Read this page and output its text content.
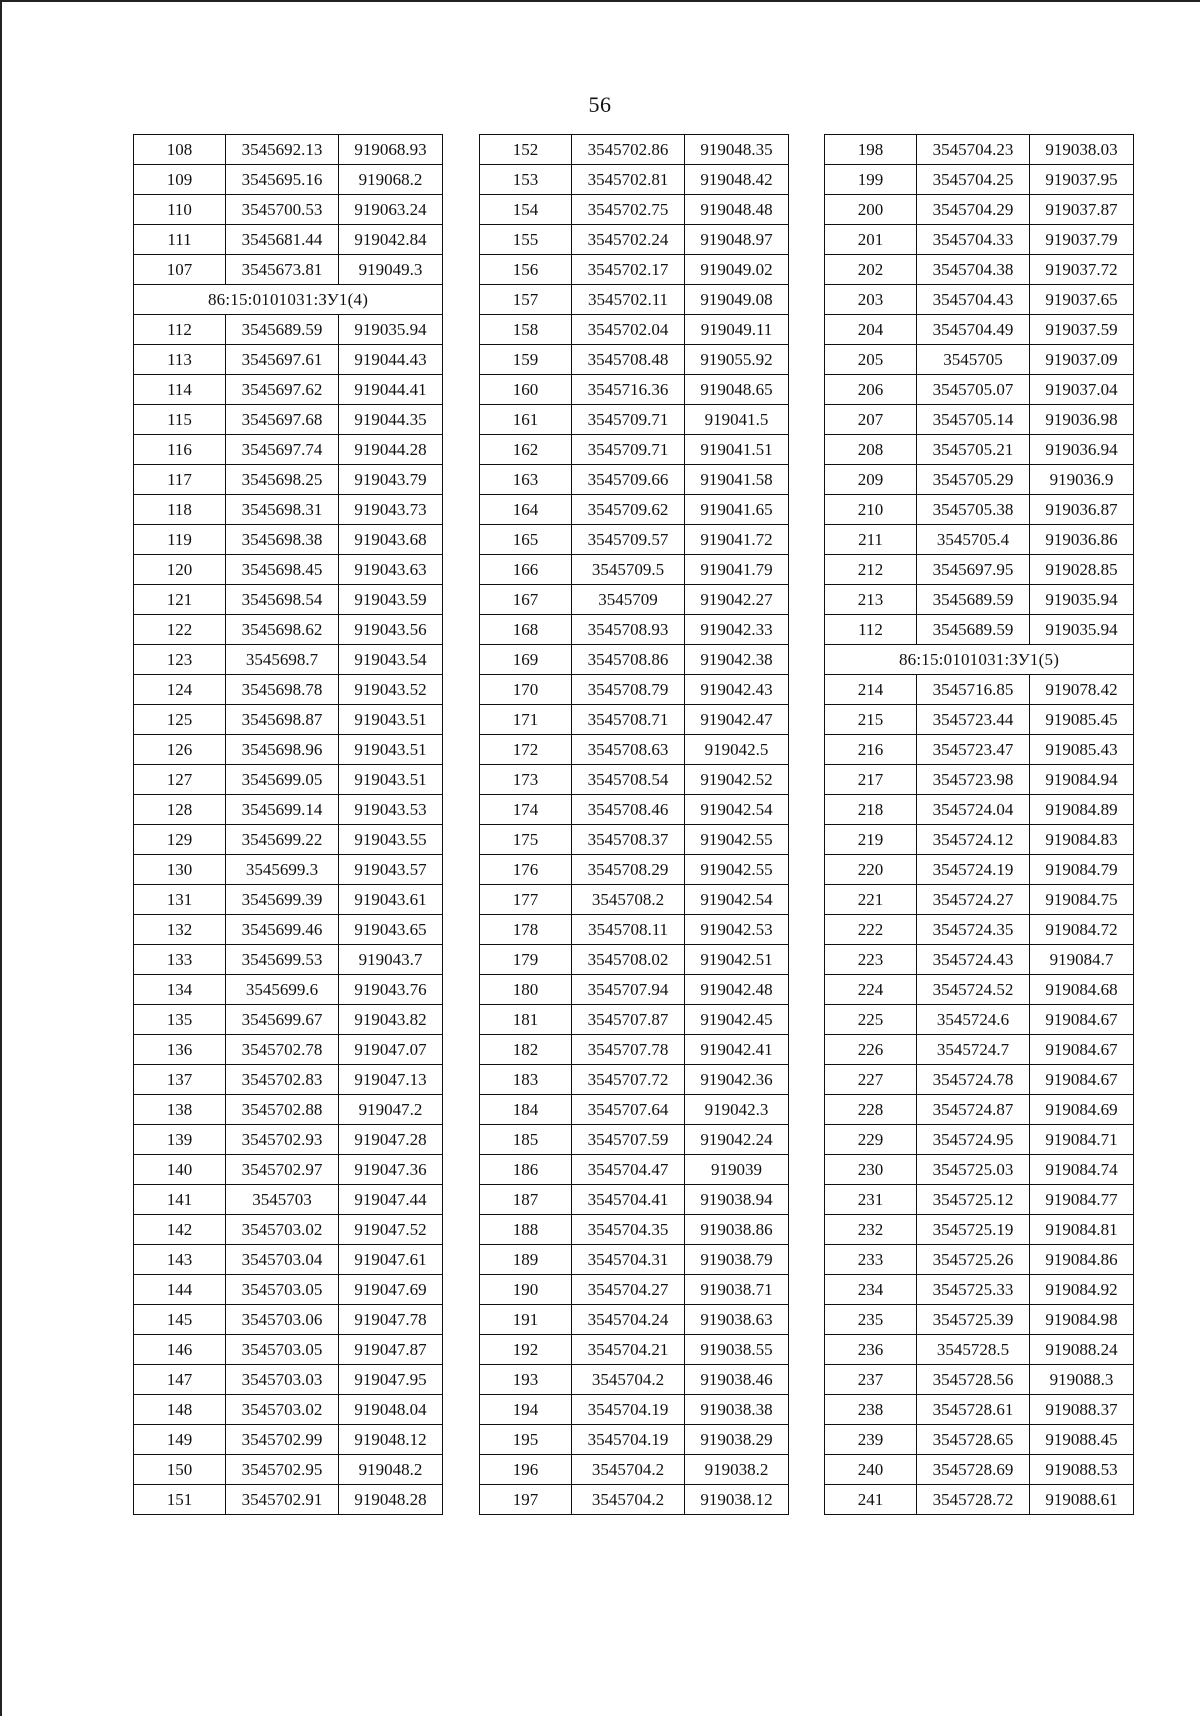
56
108	3545692.13	919068.93
109	3545695.16	919068.2
110	3545700.53	919063.24
111	3545681.44	919042.84
107	3545673.81	919049.3
86:15:0101031:ЗУ1(4)		
112	3545689.59	919035.94
113	3545697.61	919044.43
114	3545697.62	919044.41
115	3545697.68	919044.35
116	3545697.74	919044.28
117	3545698.25	919043.79
118	3545698.31	919043.73
119	3545698.38	919043.68
120	3545698.45	919043.63
121	3545698.54	919043.59
122	3545698.62	919043.56
123	3545698.7	919043.54
124	3545698.78	919043.52
125	3545698.87	919043.51
126	3545698.96	919043.51
127	3545699.05	919043.51
128	3545699.14	919043.53
129	3545699.22	919043.55
130	3545699.3	919043.57
131	3545699.39	919043.61
132	3545699.46	919043.65
133	3545699.53	919043.7
134	3545699.6	919043.76
135	3545699.67	919043.82
136	3545702.78	919047.07
137	3545702.83	919047.13
138	3545702.88	919047.2
139	3545702.93	919047.28
140	3545702.97	919047.36
141	3545703	919047.44
142	3545703.02	919047.52
143	3545703.04	919047.61
144	3545703.05	919047.69
145	3545703.06	919047.78
146	3545703.05	919047.87
147	3545703.03	919047.95
148	3545703.02	919048.04
149	3545702.99	919048.12
150	3545702.95	919048.2
151	3545702.91	919048.28
152	3545702.86	919048.35
153	3545702.81	919048.42
154	3545702.75	919048.48
155	3545702.24	919048.97
156	3545702.17	919049.02
157	3545702.11	919049.08
158	3545702.04	919049.11
159	3545708.48	919055.92
160	3545716.36	919048.65
161	3545709.71	919041.5
162	3545709.71	919041.51
163	3545709.66	919041.58
164	3545709.62	919041.65
165	3545709.57	919041.72
166	3545709.5	919041.79
167	3545709	919042.27
168	3545708.93	919042.33
169	3545708.86	919042.38
170	3545708.79	919042.43
171	3545708.71	919042.47
172	3545708.63	919042.5
173	3545708.54	919042.52
174	3545708.46	919042.54
175	3545708.37	919042.55
176	3545708.29	919042.55
177	3545708.2	919042.54
178	3545708.11	919042.53
179	3545708.02	919042.51
180	3545707.94	919042.48
181	3545707.87	919042.45
182	3545707.78	919042.41
183	3545707.72	919042.36
184	3545707.64	919042.3
185	3545707.59	919042.24
186	3545704.47	919039
187	3545704.41	919038.94
188	3545704.35	919038.86
189	3545704.31	919038.79
190	3545704.27	919038.71
191	3545704.24	919038.63
192	3545704.21	919038.55
193	3545704.2	919038.46
194	3545704.19	919038.38
195	3545704.19	919038.29
196	3545704.2	919038.2
197	3545704.2	919038.12
198	3545704.23	919038.03
199	3545704.25	919037.95
200	3545704.29	919037.87
201	3545704.33	919037.79
202	3545704.38	919037.72
203	3545704.43	919037.65
204	3545704.49	919037.59
205	3545705	919037.09
206	3545705.07	919037.04
207	3545705.14	919036.98
208	3545705.21	919036.94
209	3545705.29	919036.9
210	3545705.38	919036.87
211	3545705.4	919036.86
212	3545697.95	919028.85
213	3545689.59	919035.94
112	3545689.59	919035.94
86:15:0101031:ЗУ1(5)		
214	3545716.85	919078.42
215	3545723.44	919085.45
216	3545723.47	919085.43
217	3545723.98	919084.94
218	3545724.04	919084.89
219	3545724.12	919084.83
220	3545724.19	919084.79
221	3545724.27	919084.75
222	3545724.35	919084.72
223	3545724.43	919084.7
224	3545724.52	919084.68
225	3545724.6	919084.67
226	3545724.7	919084.67
227	3545724.78	919084.67
228	3545724.87	919084.69
229	3545724.95	919084.71
230	3545725.03	919084.74
231	3545725.12	919084.77
232	3545725.19	919084.81
233	3545725.26	919084.86
234	3545725.33	919084.92
235	3545725.39	919084.98
236	3545728.5	919088.24
237	3545728.56	919088.3
238	3545728.61	919088.37
239	3545728.65	919088.45
240	3545728.69	919088.53
241	3545728.72	919088.61
